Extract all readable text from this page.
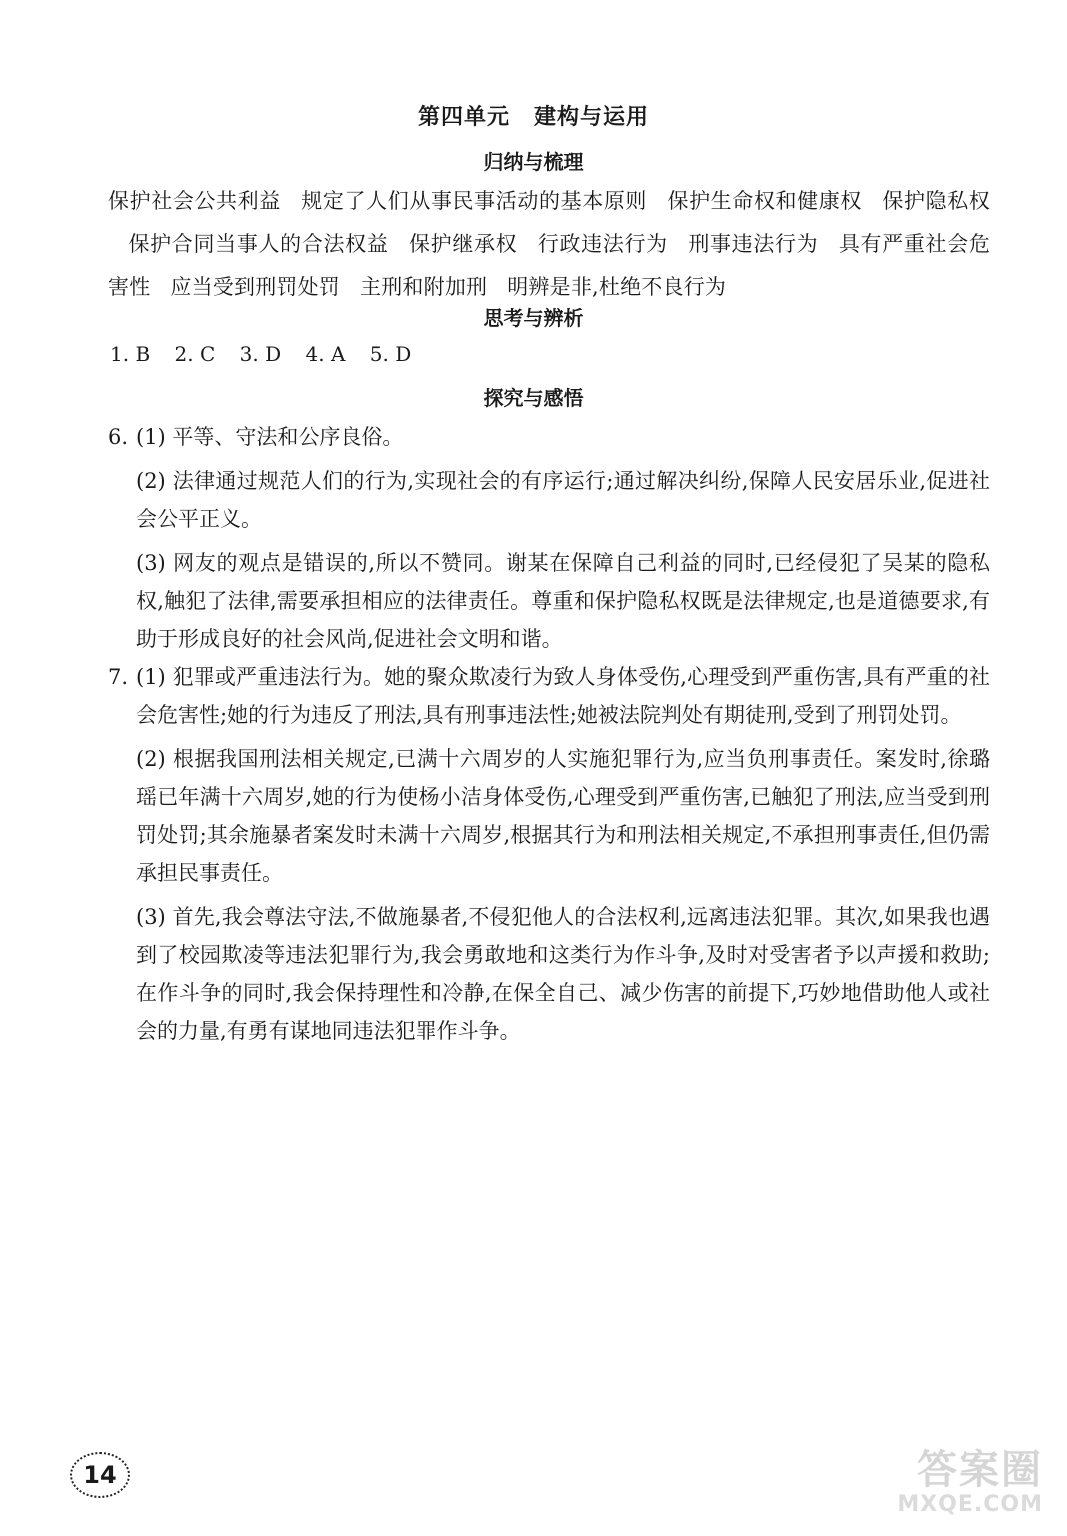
第四单元 建构与运用
归纳与梳理
保护社会公共利益 规定了人们从事民事活动的基本原则 保护生命权和健康权 保护隐私权保护合同当事人的合法权益 保护继承权 行政违法行为 刑事违法行为 具有严重社会危害性 应当受到刑罚处罚 主刑和附加刑 明辨是非,杜绝不良行为
思考与辨析
1. B 2. C 3. D 4. A 5. D
探究与感悟
6. (1) 平等、守法和公序良俗。
(2) 法律通过规范人们的行为,实现社会的有序运行;通过解决纠纷,保障人民安居乐业,促进社会公平正义。
(3) 网友的观点是错误的,所以不赞同。谢某在保障自己利益的同时,已经侵犯了吴某的隐私权,触犯了法律,需要承担相应的法律责任。尊重和保护隐私权既是法律规定,也是道德要求,有助于形成良好的社会风尚,促进社会文明和谐。
7. (1) 犯罪或严重违法行为。她的聚众欺凌行为致人身体受伤,心理受到严重伤害,具有严重的社会危害性;她的行为违反了刑法,具有刑事违法性;她被法院判处有期徒刑,受到了刑罚处罚。
(2) 根据我国刑法相关规定,已满十六周岁的人实施犯罪行为,应当负刑事责任。案发时,徐璐瑶已年满十六周岁,她的行为使杨小洁身体受伤,心理受到严重伤害,已触犯了刑法,应当受到刑罚处罚;其余施暴者案发时未满十六周岁,根据其行为和刑法相关规定,不承担刑事责任,但仍需承担民事责任。
(3) 首先,我会尊法守法,不做施暴者,不侵犯他人的合法权利,远离违法犯罪。其次,如果我也遇到了校园欺凌等违法犯罪行为,我会勇敢地和这类行为作斗争,及时对受害者予以声援和救助;在作斗争的同时,我会保持理性和冷静,在保全自己、减少伤害的前提下,巧妙地借助他人或社会的力量,有勇有谋地同违法犯罪作斗争。
14	答案圈
MXQE.COM
